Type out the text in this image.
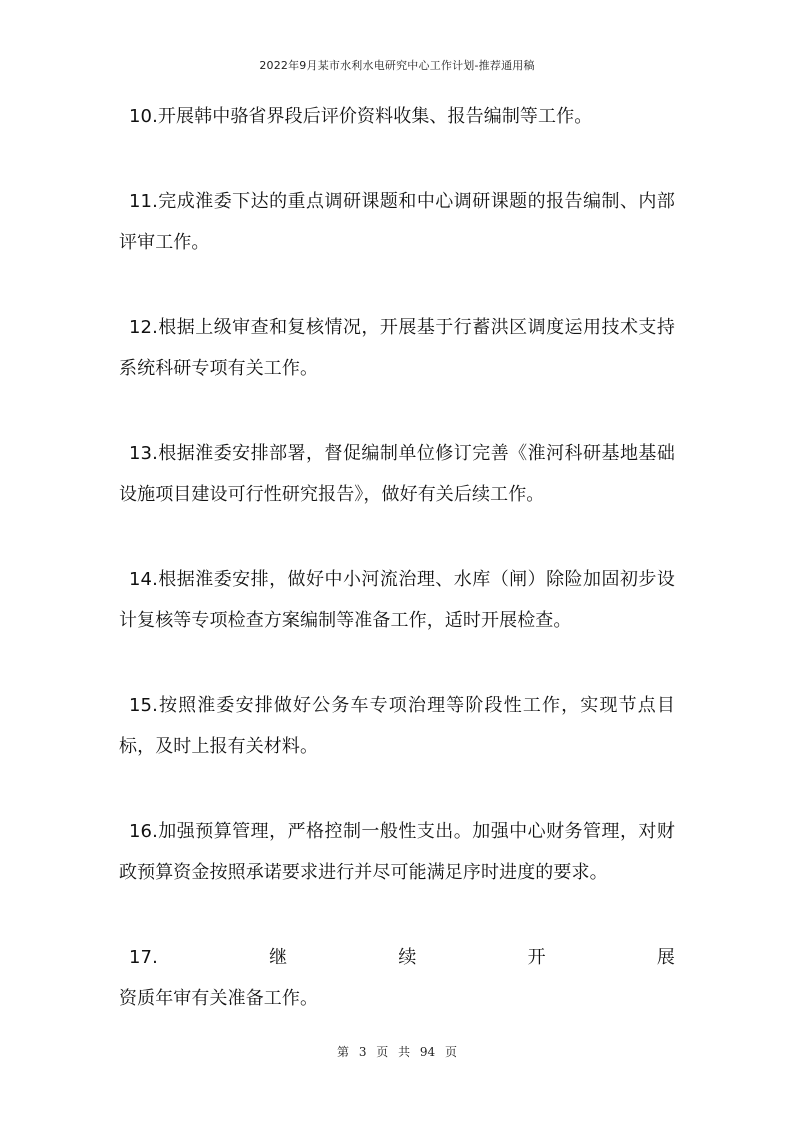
2022年9月某市水利水电研究中心工作计划-推荐通用稿

10.开展韩中骆省界段后评价资料收集、报告编制等工作。

11.完成淮委下达的重点调研课题和中心调研课题的报告编制、内部评审工作。

12.根据上级审查和复核情况，开展基于行蓄洪区调度运用技术支持系统科研专项有关工作。

13.根据淮委安排部署，督促编制单位修订完善《淮河科研基地基础设施项目建设可行性研究报告》，做好有关后续工作。

14.根据淮委安排，做好中小河流治理、水库（闸）除险加固初步设计复核等专项检查方案编制等准备工作，适时开展检查。

15.按照淮委安排做好公务车专项治理等阶段性工作，实现节点目标，及时上报有关材料。

16.加强预算管理，严格控制一般性支出。加强中心财务管理，对财政预算资金按照承诺要求进行并尽可能满足序时进度的要求。

17.	继	续	开	展
资质年审有关准备工作。
第 3 页 共 94 页
